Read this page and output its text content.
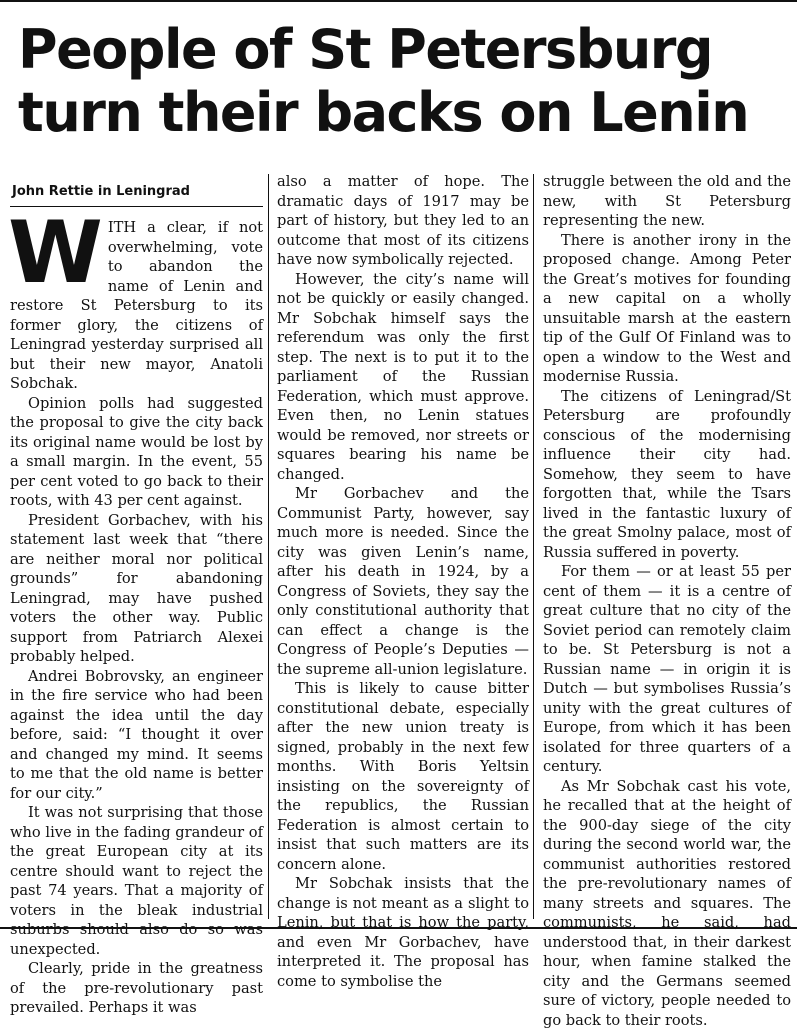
People of St Petersburg
turn their backs on Lenin
John Rettie in Leningrad

WITH a clear, if not overwhelming, vote to abandon the name of Lenin and restore St Petersburg to its former glory, the citizens of Leningrad yesterday surprised all but their new mayor, Anatoli Sobchak.

Opinion polls had suggested the proposal to give the city back its original name would be lost by a small margin. In the event, 55 per cent voted to go back to their roots, with 43 per cent against.

President Gorbachev, with his statement last week that “there are neither moral nor political grounds” for abandoning Leningrad, may have pushed voters the other way. Public support from Patriarch Alexei probably helped.

Andrei Bobrovsky, an engineer in the fire service who had been against the idea until the day before, said: “I thought it over and changed my mind. It seems to me that the old name is better for our city.”

It was not surprising that those who live in the fading grandeur of the great European city at its centre should want to reject the past 74 years. That a majority of voters in the bleak industrial suburbs should also do so was unexpected.

Clearly, pride in the greatness of the pre-revolutionary past prevailed. Perhaps it was

also a matter of hope. The dramatic days of 1917 may be part of history, but they led to an outcome that most of its citizens have now symbolically rejected.

However, the city’s name will not be quickly or easily changed. Mr Sobchak himself says the referendum was only the first step. The next is to put it to the parliament of the Russian Federation, which must approve. Even then, no Lenin statues would be removed, nor streets or squares bearing his name be changed.

Mr Gorbachev and the Communist Party, however, say much more is needed. Since the city was given Lenin’s name, after his death in 1924, by a Congress of Soviets, they say the only constitutional authority that can effect a change is the Congress of People’s Deputies — the supreme all-union legislature.

This is likely to cause bitter constitutional debate, especially after the new union treaty is signed, probably in the next few months. With Boris Yeltsin insisting on the sovereignty of the republics, the Russian Federation is almost certain to insist that such matters are its concern alone.

Mr Sobchak insists that the change is not meant as a slight to Lenin, but that is how the party, and even Mr Gorbachev, have interpreted it. The proposal has come to symbolise the

struggle between the old and the new, with St Petersburg representing the new.

There is another irony in the proposed change. Among Peter the Great’s motives for founding a new capital on a wholly unsuitable marsh at the eastern tip of the Gulf Of Finland was to open a window to the West and modernise Russia.

The citizens of Leningrad/St Petersburg are profoundly conscious of the modernising influence their city had. Somehow, they seem to have forgotten that, while the Tsars lived in the fantastic luxury of the great Smolny palace, most of Russia suffered in poverty.

For them — or at least 55 per cent of them — it is a centre of great culture that no city of the Soviet period can remotely claim to be. St Petersburg is not a Russian name — in origin it is Dutch — but symbolises Russia’s unity with the great cultures of Europe, from which it has been isolated for three quarters of a century.

As Mr Sobchak cast his vote, he recalled that at the height of the 900-day siege of the city during the second world war, the communist authorities restored the pre-revolutionary names of many streets and squares. The communists, he said, had understood that, in their darkest hour, when famine stalked the city and the Germans seemed sure of victory, people needed to go back to their roots.
